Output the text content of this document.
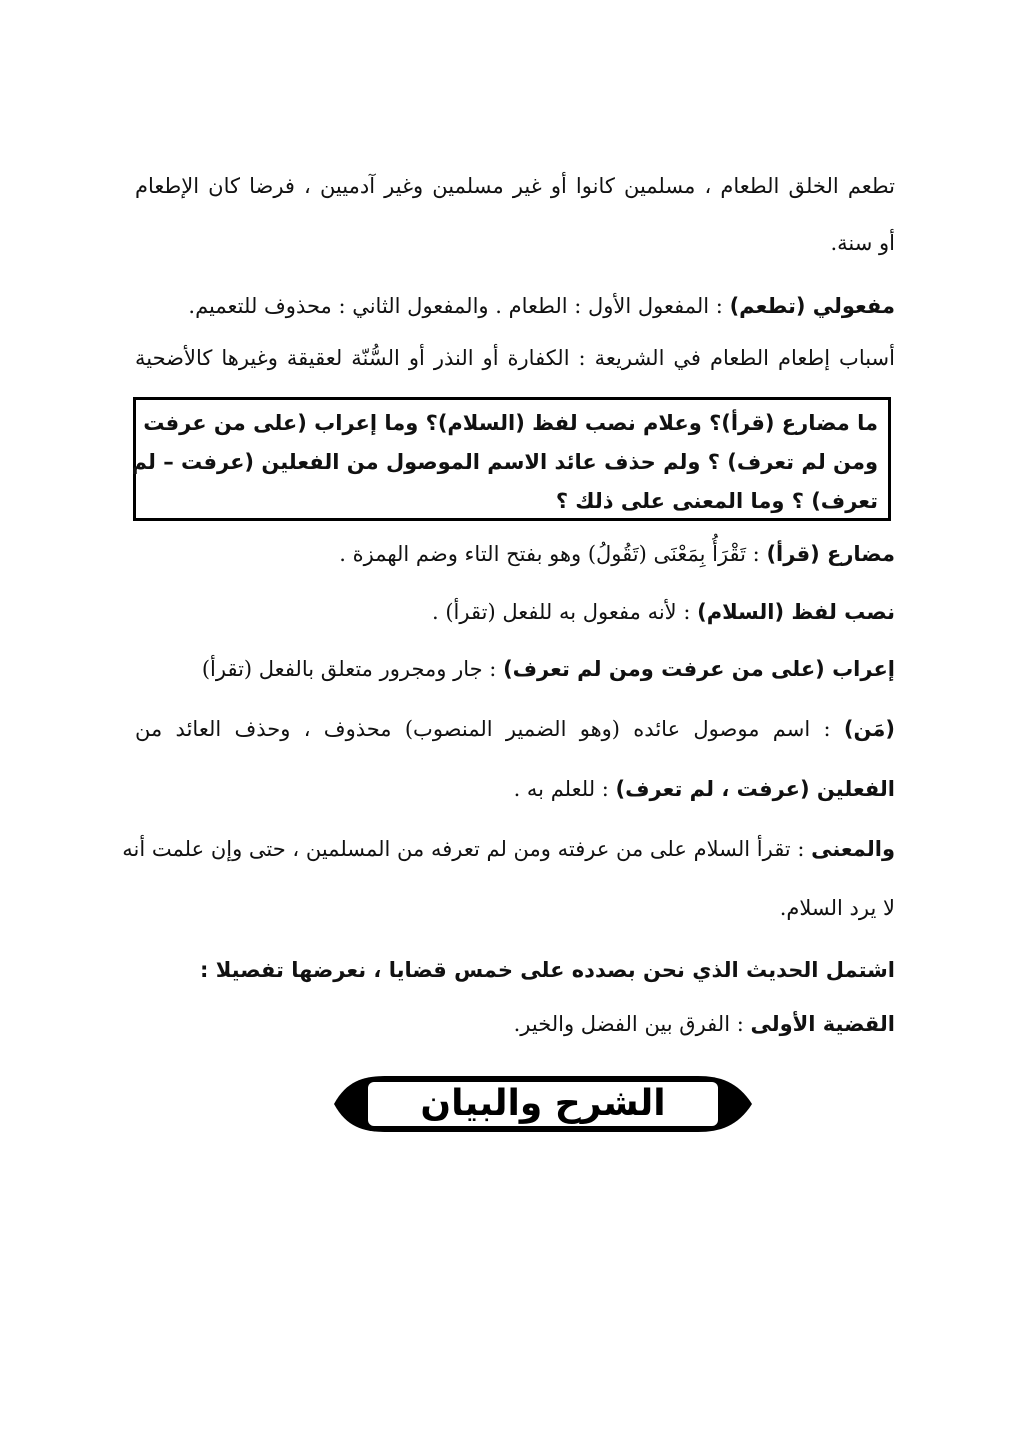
تطعم الخلق الطعام ، مسلمين كانوا أو غير مسلمين وغير آدميين ، فرضا كان الإطعام
أو سنة.
مفعولي (تطعم) : المفعول الأول : الطعام . والمفعول الثاني : محذوف للتعميم.
أسباب إطعام الطعام في الشريعة : الكفارة أو النذر أو السُّنّة لعقيقة وغيرها كالأضحية
ما مضارع (قرأ)؟ وعلام نصب لفظ (السلام)؟ وما إعراب (على من عرفت
ومن لم تعرف) ؟ ولم حذف عائد الاسم الموصول من الفعلين (عرفت – لم
تعرف) ؟ وما المعنى على ذلك ؟
مضارع (قرأ) : تَقْرَأُ بِمَعْنَى (تَقُولُ) وهو بفتح التاء وضم الهمزة .
نصب لفظ (السلام) : لأنه مفعول به للفعل (تقرأ) .
إعراب (على من عرفت ومن لم تعرف) : جار ومجرور متعلق بالفعل (تقرأ)
(مَن) : اسم موصول عائده (وهو الضمير المنصوب) محذوف ، وحذف العائد من
الفعلين (عرفت ، لم تعرف) : للعلم به .
والمعنى : تقرأ السلام على من عرفته ومن لم تعرفه من المسلمين ، حتى وإن علمت أنه
لا يرد السلام.
اشتمل الحديث الذي نحن بصدده على خمس قضايا ، نعرضها تفصيلا :
القضية الأولى : الفرق بين الفضل والخير.
الشرح والبيان
